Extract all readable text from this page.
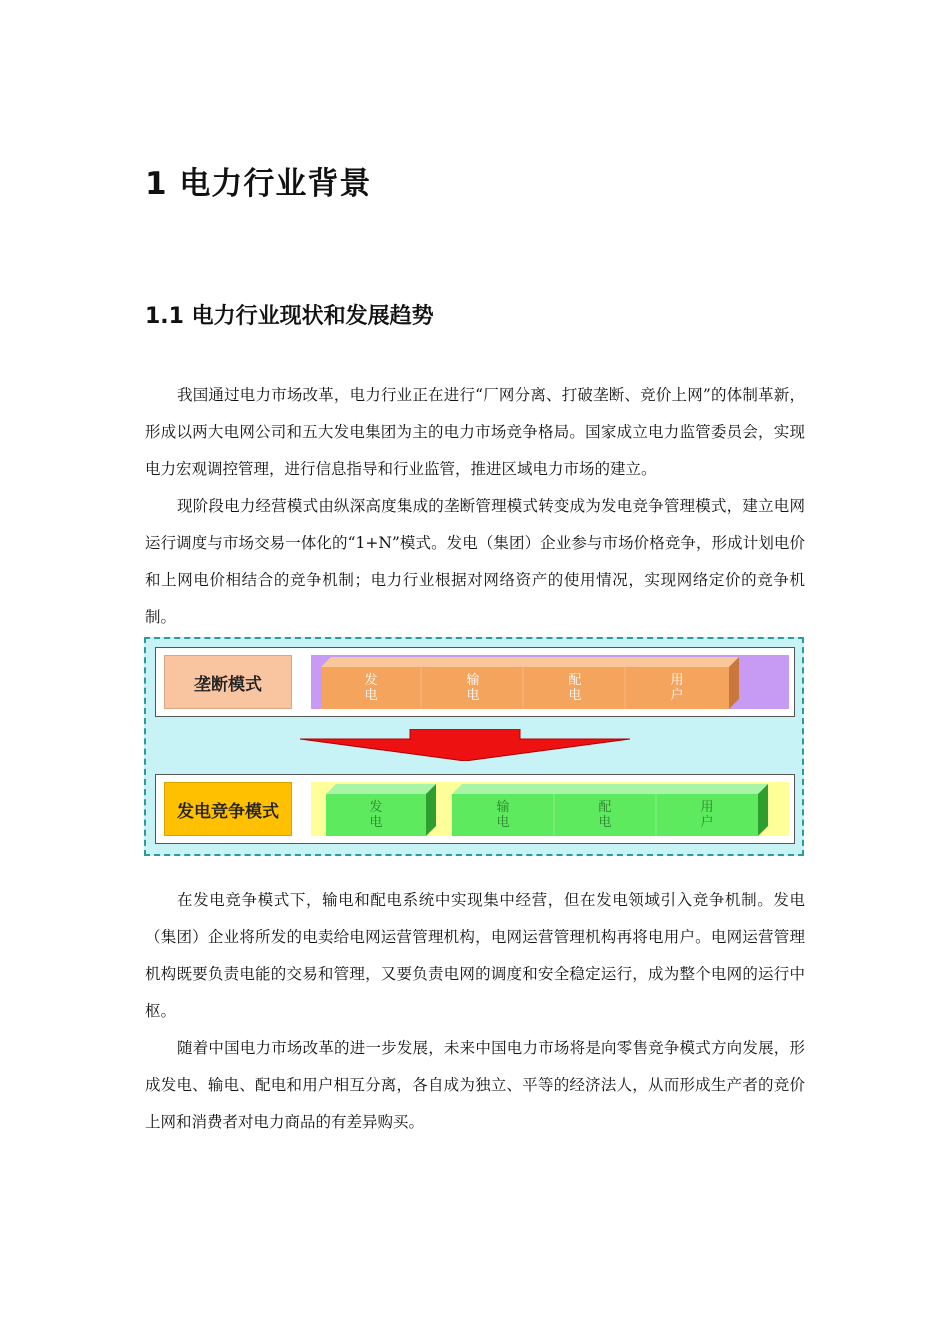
1 电力行业背景
1.1 电力行业现状和发展趋势

我国通过电力市场改革，电力行业正在进行“厂网分离、打破垄断、竞价上网”的体制革新，形成以两大电网公司和五大发电集团为主的电力市场竞争格局。国家成立电力监管委员会，实现电力宏观调控管理，进行信息指导和行业监管，推进区域电力市场的建立。

现阶段电力经营模式由纵深高度集成的垄断管理模式转变成为发电竞争管理模式，建立电网运行调度与市场交易一体化的“1+N”模式。发电（集团）企业参与市场价格竞争，形成计划电价和上网电价相结合的竞争机制；电力行业根据对网络资产的使用情况，实现网络定价的竞争机制。

垄断模式	发电
输电
配电
用户
发电竞争模式	发电
输电
配电
用户

在发电竞争模式下，输电和配电系统中实现集中经营，但在发电领域引入竞争机制。发电（集团）企业将所发的电卖给电网运营管理机构，电网运营管理机构再将电用户。电网运营管理机构既要负责电能的交易和管理，又要负责电网的调度和安全稳定运行，成为整个电网的运行中枢。

随着中国电力市场改革的进一步发展，未来中国电力市场将是向零售竞争模式方向发展，形成发电、输电、配电和用户相互分离，各自成为独立、平等的经济法人，从而形成生产者的竞价上网和消费者对电力商品的有差异购买。
